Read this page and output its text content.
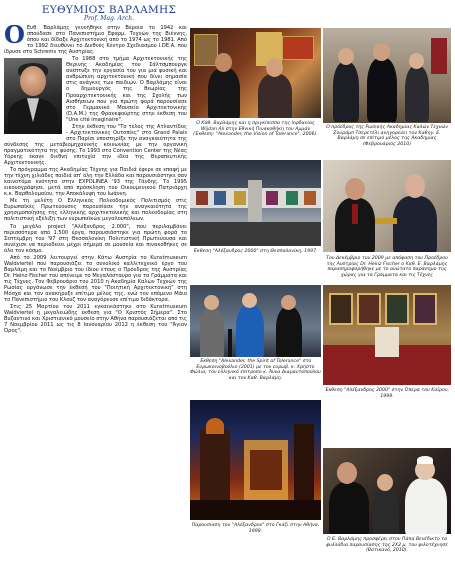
ΕΥΘΥΜΙΟΣ ΒΑΡΛΑΜΗΣ
Prof. Mag. Arch.

Ο Ευθ. Βαρλάμης γεννήθηκε στην Βέροια το 1942 και σπούδασε στο Πανεπιστήμιο Εφαρμ. Τεχνών της Βιέννης, όπου και δίδαξε Αρχιτεκτονική από το 1974 ως το 1981. Από το 1992 διευθύνει το Διεθνές Κέντρο Σχεδιασμού I.DE.A. που ίδρυσε στο Schrems της Αυστρίας.

Το 1988 στο τμήμα Αρχιτεκτονικής της Θερινής Ακαδημίας του Σάλτσμπουργκ ανέπτυξε την εργασία του για μια φυσική και ανθρώπινη αρχιτεκτονική που δίνει σημασία στις ανάγκες των παιδιών. Ο Βαρλάμης είναι ο δημιουργός της θεωρίας της Προαρχιτεκτονικής και της Σχολής των Αισθήσεων που για πρώτη φορά παρουσίασε στο Γερμανικό Μουσείο Αρχιτεκτονικής (D.A.M.) της Φρανκφούρτης στην έκθεση του "Une cité imaginaire".

Στην έκθεση του "Το τέλος της Ατλαντίδος - Αρχιτεκτονικές Ουτοπίες" στο Grand Palais στο Παρίσι υποστηρίξε την αναγκαιότητα της σύνδεσης της μεταβιομηχανικής κοινωνίας με την οργανική πραγματικότητα της φύσης. Το 1993 στο Convention Center της Νέας Υόρκης έκανε διεθνή επιτυχία την ιδέα της Θεραπευτικής Αρχιτεκτονικής.

Το πρόγραμμα της Ακαδημίας Τέχνης για Παιδιά έφερε σε επαφή με την τέχνη χιλιάδες παιδιά απ' όλη την Ελλάδα και παρουσιάστηκε σαν καινοτόμα ενότητα στην EXPOLINEA '93 της Γάνδης. Το 1995 εικονογράφησε, μετά από πρόσκληση του Οικουμενικού Πατριάρχη κ.κ. Βαρθολομαίου, την Αποκάλυψη του Ιωάννη.

Με τη μελέτη Ο Ελληνικός Πολεοδομικός Πολιτισμός στις Ευρωπαϊκές Πρωτεύουσες παρουσίασε την αναγκαιότητα της χρησιμοποίησης της ελληνικής αρχιτεκτονικής και πολεοδομίας στη πολιτιστική εξέλιξη των ευρωπαϊκών μεγαλουπόλεων.

Το μεγάλο project "Αλέξανδρος 2.000", που περιλαμβάνει περισσότερα από 1.500 έργα, παρουσιάστηκε για πρώτη φορά το Σεπτέμβρη του '97 στη Θεσσαλονίκη Πολιτιστική Πρωτεύουσα και συνέχισε να περιοδεύει μέχρι σήμερα σε μουσεία και πινακοθήκες σε όλο τον κόσμο.

Από το 2009 λειτουργεί στην Κάτω Αυστρία το Kunstmuseum Waldviertel που παρουσιάζει το συνολικό καλλιτεχνικό έργο του Βαρλάμη και το Νοέμβριο του ίδιου έτους ο Πρόεδρος της Αυστρίας Dr. Heinz Fischer του απένειμε το Μεγαλόσταυρο για τα Γράμματα και τις Τέχνες. Τον Φεβρουάριο του 2010 η Ακαδημία Καλών Τεχνών της Ρωσίας οργάνωσε την έκθεσή του "Ποιητική Αρχιτεκτονική" στη Μόσχα και τον ανακήρυξε επίτιμο μέλος της, ενώ τον επόμενο Μάιο το Πανεπιστήμιο του Κλουζ τον αναγόρευσε επίτιμο διδάκτορα.

Στις 25 Μαρτίου του 2011 εγκαινιάστηκε στο Kunstmuseum Waldviertel η μεγαλειώδης έκθεση για "Ο Χριστός Σήμερα". Στο Βυζαντινό και Χριστιανικό μουσείο στην Αθήνα παρουσιάζεται από τις 7 Νοεμβρίου 2011 ως τις 8 Ιανουαρίου 2012 η έκθεση του "Άγιον Όρος".

Ο Καθ. Βαρλάμης και η πριγκίπισσα της Ιορδανίας Wijdan Ali στην Εθνική Πινακοθήκη του Αμμάν (Έκθεση: "Alexander, the Vision of Tolerance", 2006).
Ο πρόεδρος της Ρωσικής Ακαδημίας Καλών Τεχνών Ζουράμπ Τσερετέλι ανηγορεύει τον Καθηγ. Ε. Βαρλάμη σε επίτιμο μέλος της Ακαδημίας (Φεβρουάριος 2010)
Έκθεση "Αλέξανδρος 2000" στη Θεσσαλονίκη, 1997.
Τον Δεκέμβριο του 2009 με απόφαση του Προέδρου της Αυστρίας Dr. Heinz Fischer ο Καθ. Ε. Βαρλάμης παρασημοφορήθηκε με το ανώτατο παράσημο της χώρας για τα Γράμματα και τις Τέχνες
Έκθεση "Alexander, the Spirit of Tolerance" στο Ευρωκοινοβούλιο (2001) με τον ευρωβ. κ. Χρήστο Φώλια, τον ελληνικό επίτροπο κ. Άννα Διαμαντοπούλου και τον Καθ. Βαρλάμη.
Έκθεση "Αλέξανδρος 2000" στην Όπερα του Καΐρου, 1998.
Παρουσίαση του "Αλέξανδρου" στο Γκάζι στην Αθήνα, 1998.
Ο Ε. Βαρλάμης προσφέρει στον Πάπα Βενέδικτο τα φυλλάδια παρουσίασης της 2Χ2 μ. του φιλοτέχνησε (Βατικανό, 2010).
